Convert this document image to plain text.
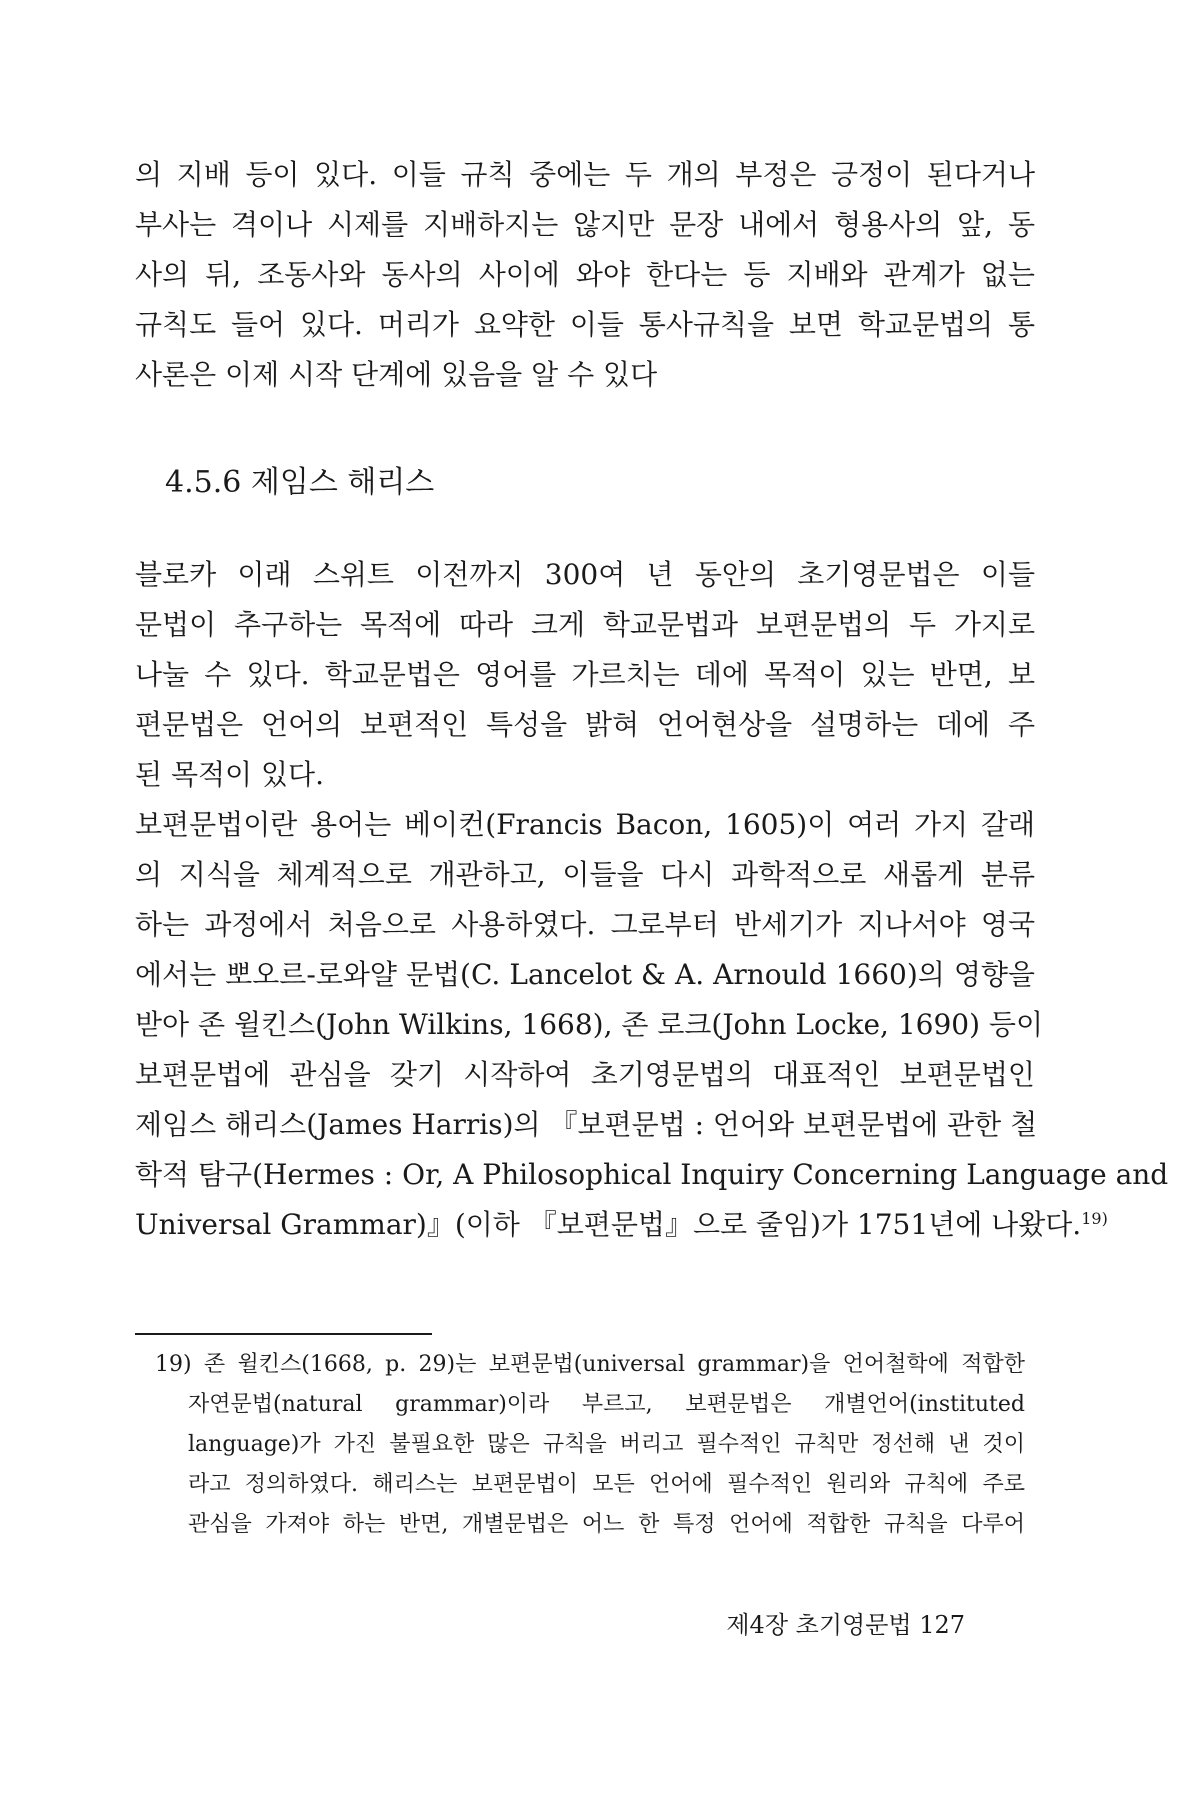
의 지배 등이 있다. 이들 규칙 중에는 두 개의 부정은 긍정이 된다거나
부사는 격이나 시제를 지배하지는 않지만 문장 내에서 형용사의 앞, 동
사의 뒤, 조동사와 동사의 사이에 와야 한다는 등 지배와 관계가 없는
규칙도 들어 있다. 머리가 요약한 이들 통사규칙을 보면 학교문법의 통
사론은 이제 시작 단계에 있음을 알 수 있다

4.5.6 제임스 해리스

블로카 이래 스위트 이전까지 300여 년 동안의 초기영문법은 이들
문법이 추구하는 목적에 따라 크게 학교문법과 보편문법의 두 가지로
나눌 수 있다. 학교문법은 영어를 가르치는 데에 목적이 있는 반면, 보
편문법은 언어의 보편적인 특성을 밝혀 언어현상을 설명하는 데에 주
된 목적이 있다.

보편문법이란 용어는 베이컨(Francis Bacon, 1605)이 여러 가지 갈래
의 지식을 체계적으로 개관하고, 이들을 다시 과학적으로 새롭게 분류
하는 과정에서 처음으로 사용하였다. 그로부터 반세기가 지나서야 영국
에서는 뽀오르-로와얄 문법(C. Lancelot & A. Arnould 1660)의 영향을
받아 존 윌킨스(John Wilkins, 1668), 존 로크(John Locke, 1690) 등이
보편문법에 관심을 갖기 시작하여 초기영문법의 대표적인 보편문법인
제임스 해리스(James Harris)의 『보편문법 : 언어와 보편문법에 관한 철
학적 탐구(Hermes : Or, A Philosophical Inquiry Concerning Language and
Universal Grammar)』(이하 『보편문법』으로 줄임)가 1751년에 나왔다.$^{19)}$

19) 존 윌킨스(1668, p. 29)는 보편문법(universal grammar)을 언어철학에 적합한
자연문법(natural grammar)이라 부르고, 보편문법은 개별언어(instituted
language)가 가진 불필요한 많은 규칙을 버리고 필수적인 규칙만 정선해 낸 것이
라고 정의하였다. 해리스는 보편문법이 모든 언어에 필수적인 원리와 규칙에 주로
관심을 가져야 하는 반면, 개별문법은 어느 한 특정 언어에 적합한 규칙을 다루어
제4장 초기영문법 127
